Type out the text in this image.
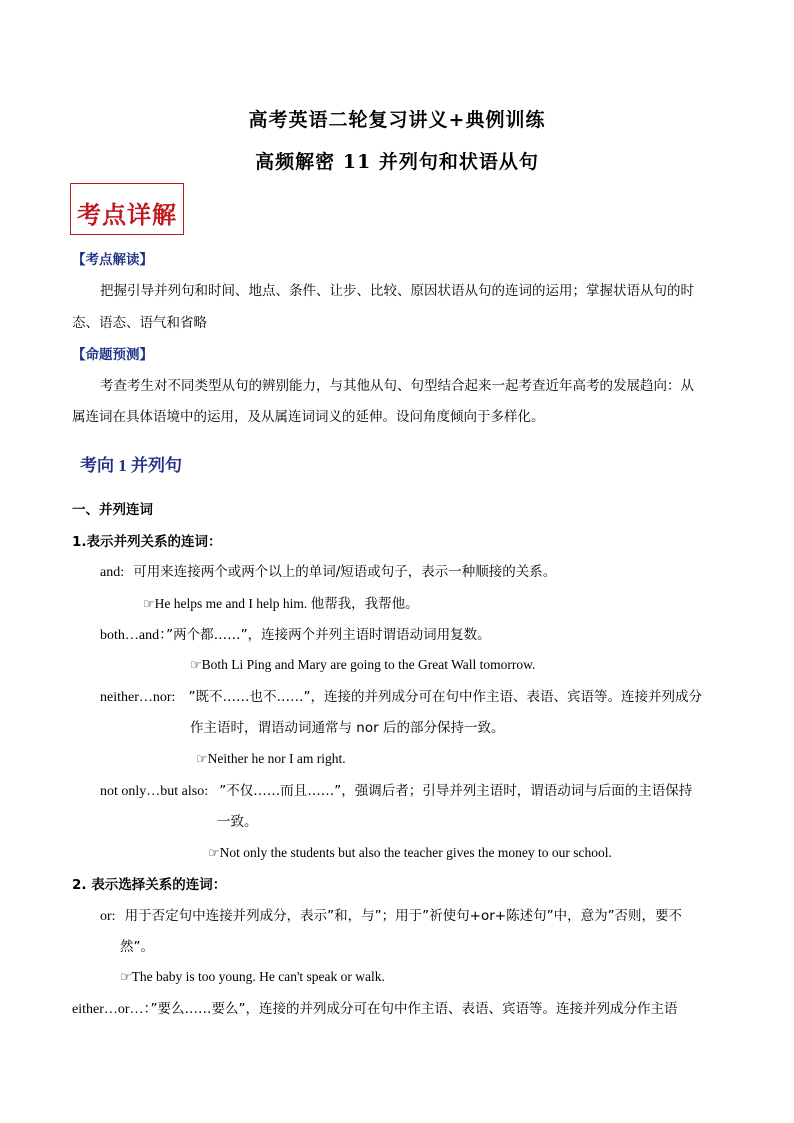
高考英语二轮复习讲义+典例训练
高频解密 11 并列句和状语从句
考点详解
【考点解读】
把握引导并列句和时间、地点、条件、让步、比较、原因状语从句的连词的运用；掌握状语从句的时
态、语态、语气和省略
【命题预测】
考查考生对不同类型从句的辨别能力，与其他从句、句型结合起来一起考查近年高考的发展趋向：从
属连词在具体语境中的运用，及从属连词词义的延伸。设问角度倾向于多样化。
考向 1 并列句
一、并列连词
1.表示并列关系的连词：
and: 可用来连接两个或两个以上的单词/短语或句子，表示一种顺接的关系。
☞He helps me and I help him. 他帮我，我帮他。
both…and：”两个都……”，连接两个并列主语时谓语动词用复数。
☞Both Li Ping and Mary are going to the Great Wall tomorrow.
neither…nor: ”既不……也不……”，连接的并列成分可在句中作主语、表语、宾语等。连接并列成分
作主语时，谓语动词通常与 nor 后的部分保持一致。
☞Neither he nor I am right.
not only…but also: ”不仅……而且……”，强调后者；引导并列主语时，谓语动词与后面的主语保持
一致。
☞Not only the students but also the teacher gives the money to our school.
2. 表示选择关系的连词：
or: 用于否定句中连接并列成分，表示”和，与”；用于”祈使句+or+陈述句”中，意为”否则，要不
然”。
☞The baby is too young. He can't speak or walk.
either…or…：”要么……要么”，连接的并列成分可在句中作主语、表语、宾语等。连接并列成分作主语
